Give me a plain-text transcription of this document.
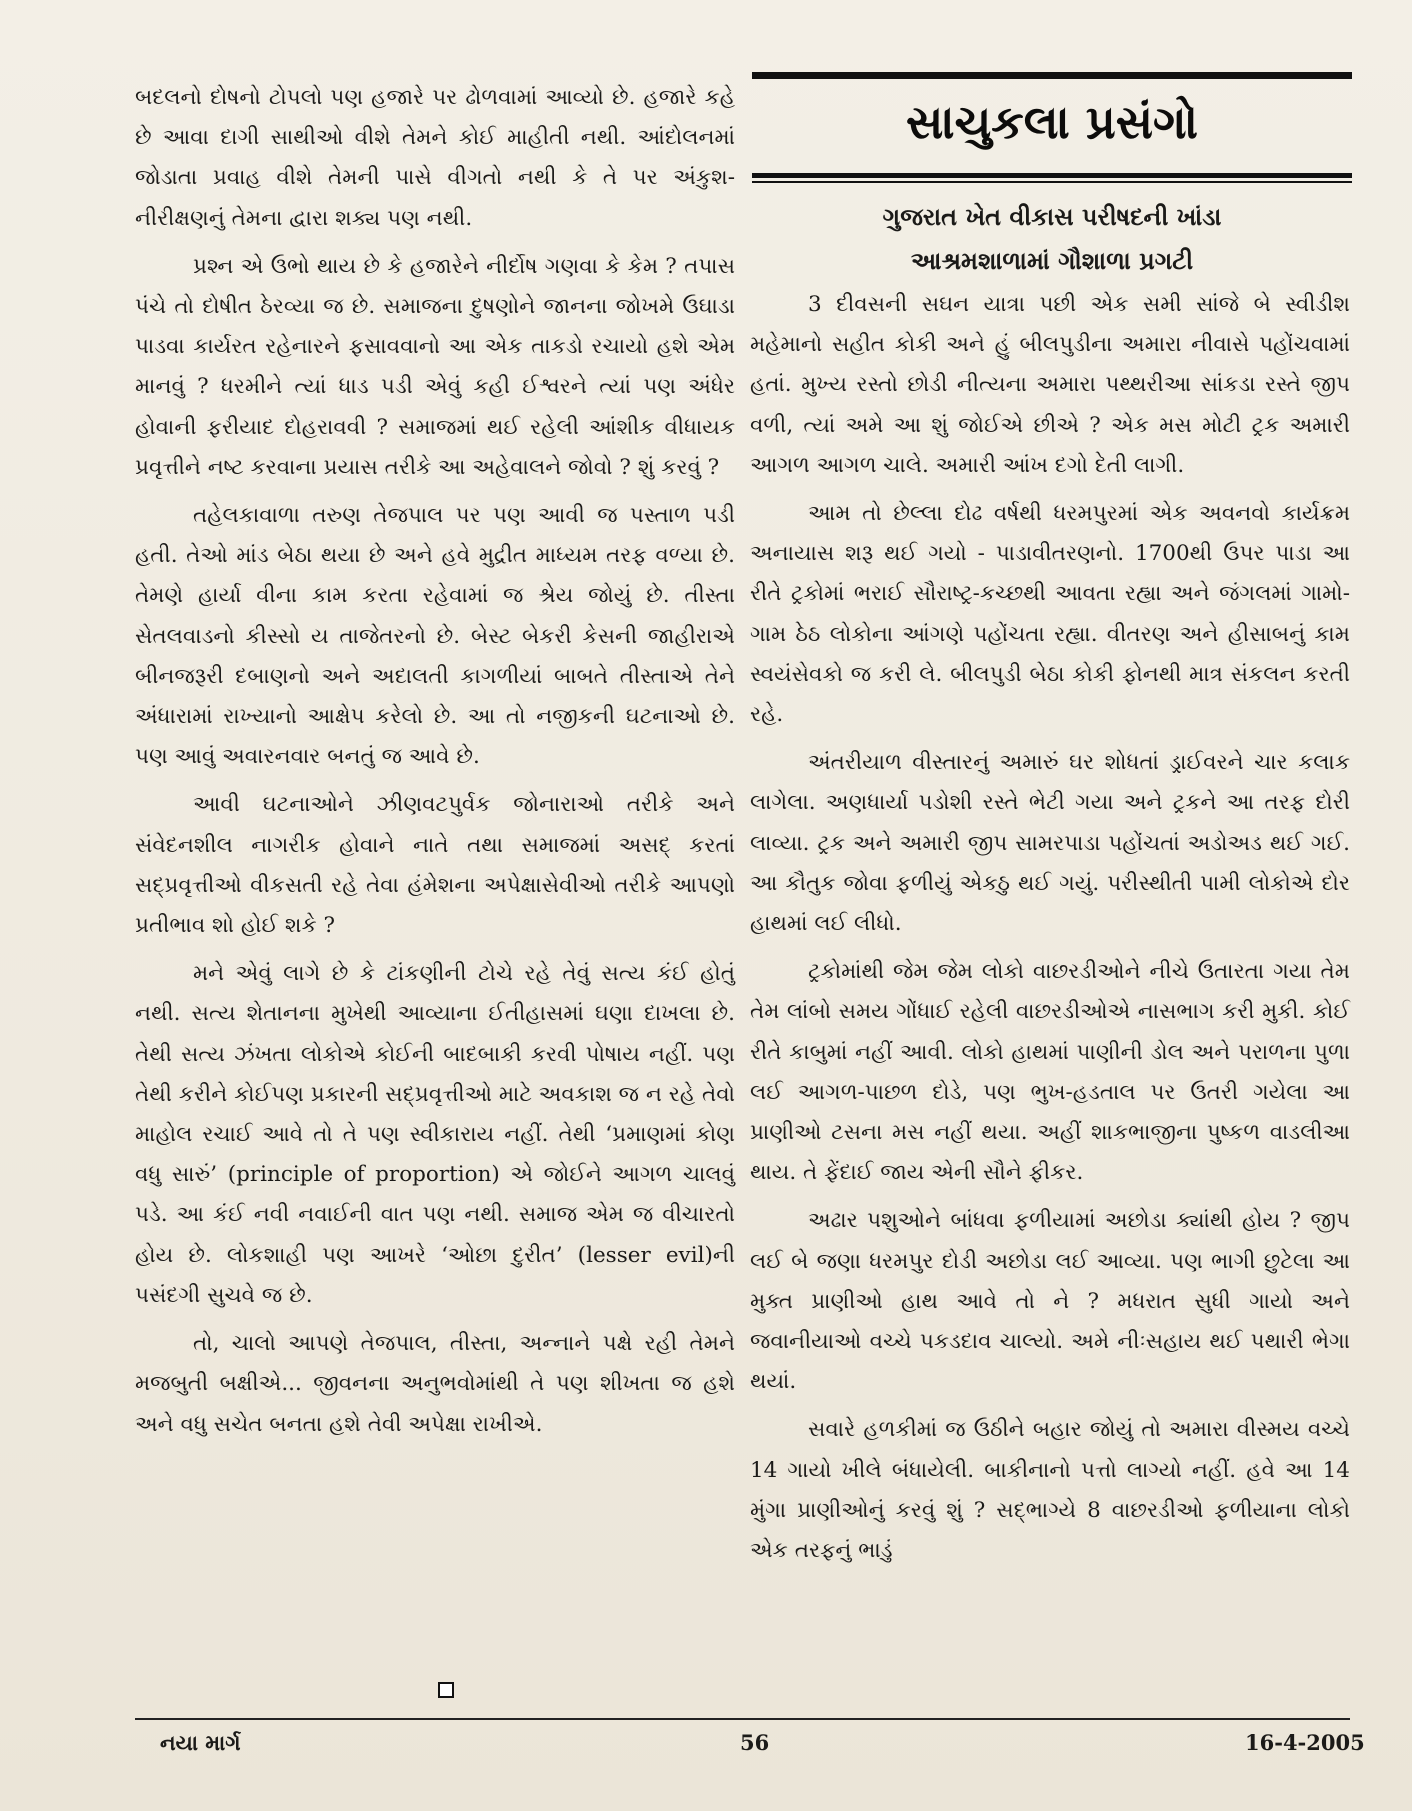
બદલનો દોષનો ટોપલો પણ હજારે પર ઢોળવામાં આવ્યો છે. હજારે કહે છે આવા દાગી સાથીઓ વીશે તેમને કોઈ માહીતી નથી. આંદોલનમાં જોડાતા પ્રવાહ વીશે તેમની પાસે વીગતો નથી કે તે પર અંકુશ-નીરીક્ષણનું તેમના દ્વારા શક્ય પણ નથી.

પ્રશ્ન એ ઉભો થાય છે કે હજારેને નીર્દોષ ગણવા કે કેમ ? તપાસ પંચે તો દોષીત ઠેરવ્યા જ છે. સમાજના દુષણોને જાનના જોખમે ઉઘાડા પાડવા કાર્યરત રહેનારને ફસાવવાનો આ એક તાકડો રચાયો હશે એમ માનવું ? ધરમીને ત્યાં ધાડ પડી એવું કહી ઈશ્વરને ત્યાં પણ અંધેર હોવાની ફરીયાદ દોહરાવવી ? સમાજમાં થઈ રહેલી આંશીક વીધાયક પ્રવૃત્તીને નષ્ટ કરવાના પ્રયાસ તરીકે આ અહેવાલને જોવો ? શું કરવું ?

તહેલકાવાળા તરુણ તેજપાલ પર પણ આવી જ પસ્તાળ પડી હતી. તેઓ માંડ બેઠા થયા છે અને હવે મુદ્રીત માધ્યમ તરફ વળ્યા છે. તેમણે હાર્યા વીના કામ કરતા રહેવામાં જ શ્રેય જોયું છે. તીસ્તા સેતલવાડનો કીસ્સો ય તાજેતરનો છે. બેસ્ટ બેકરી કેસની જાહીરાએ બીનજરૂરી દબાણનો અને અદાલતી કાગળીયાં બાબતે તીસ્તાએ તેને અંધારામાં રાખ્યાનો આક્ષેપ કરેલો છે. આ તો નજીકની ઘટનાઓ છે. પણ આવું અવારનવાર બનતું જ આવે છે.

આવી ઘટનાઓને ઝીણવટપુર્વક જોનારાઓ તરીકે અને સંવેદનશીલ નાગરીક હોવાને નાતે તથા સમાજમાં અસદ્ કરતાં સદ્પ્રવૃત્તીઓ વીકસતી રહે તેવા હંમેશના અપેક્ષાસેવીઓ તરીકે આપણો પ્રતીભાવ શો હોઈ શકે ?

મને એવું લાગે છે કે ટાંકણીની ટોચે રહે તેવું સત્ય કંઈ હોતું નથી. સત્ય શેતાનના મુખેથી આવ્યાના ઈતીહાસમાં ઘણા દાખલા છે. તેથી સત્ય ઝંખતા લોકોએ કોઈની બાદબાકી કરવી પોષાય નહીં. પણ તેથી કરીને કોઈપણ પ્રકારની સદ્પ્રવૃત્તીઓ માટે અવકાશ જ ન રહે તેવો માહોલ રચાઈ આવે તો તે પણ સ્વીકારાય નહીં. તેથી ‘પ્રમાણમાં કોણ વધુ સારું’ (principle of proportion) એ જોઈને આગળ ચાલવું પડે. આ કંઈ નવી નવાઈની વાત પણ નથી. સમાજ એમ જ વીચારતો હોય છે. લોકશાહી પણ આખરે ‘ઓછા દુરીત’ (lesser evil)ની પસંદગી સુચવે જ છે.

તો, ચાલો આપણે તેજપાલ, તીસ્તા, અન્નાને પક્ષે રહી તેમને મજબુતી બક્ષીએ... જીવનના અનુભવોમાંથી તે પણ શીખતા જ હશે અને વધુ સચેત બનતા હશે તેવી અપેક્ષા રાખીએ.

સાચુકલા પ્રસંગો
ગુજરાત ખેત વીકાસ પરીષદની ખાંડા
આશ્રમશાળામાં ગૌશાળા પ્રગટી

3 દીવસની સઘન યાત્રા પછી એક સમી સાંજે બે સ્વીડીશ મહેમાનો સહીત કોકી અને હું બીલપુડીના અમારા નીવાસે પહોંચવામાં હતાં. મુખ્ય રસ્તો છોડી નીત્યના અમારા પથ્થરીઆ સાંકડા રસ્તે જીપ વળી, ત્યાં અમે આ શું જોઈએ છીએ ? એક મસ મોટી ટ્રક અમારી આગળ આગળ ચાલે. અમારી આંખ દગો દેતી લાગી.

આમ તો છેલ્લા દોઢ વર્ષથી ધરમપુરમાં એક અવનવો કાર્યક્રમ અનાયાસ શરૂ થઈ ગયો - પાડાવીતરણનો. 1700થી ઉપર પાડા આ રીતે ટ્રકોમાં ભરાઈ સૌરાષ્ટ્ર-કચ્છથી આવતા રહ્યા અને જંગલમાં ગામો-ગામ ઠેઠ લોકોના આંગણે પહોંચતા રહ્યા. વીતરણ અને હીસાબનું કામ સ્વયંસેવકો જ કરી લે. બીલપુડી બેઠા કોકી ફોનથી માત્ર સંકલન કરતી રહે.

અંતરીયાળ વીસ્તારનું અમારું ઘર શોધતાં ડ્રાઈવરને ચાર કલાક લાગેલા. અણધાર્યા પડોશી રસ્તે ભેટી ગયા અને ટ્રકને આ તરફ દોરી લાવ્યા. ટ્રક અને અમારી જીપ સામરપાડા પહોંચતાં અડોઅડ થઈ ગઈ. આ કૌતુક જોવા ફળીયું એકઠુ થઈ ગયું. પરીસ્થીતી પામી લોકોએ દોર હાથમાં લઈ લીધો.

ટ્રકોમાંથી જેમ જેમ લોકો વાછરડીઓને નીચે ઉતારતા ગયા તેમ તેમ લાંબો સમય ગોંધાઈ રહેલી વાછરડીઓએ નાસભાગ કરી મુકી. કોઈ રીતે કાબુમાં નહીં આવી. લોકો હાથમાં પાણીની ડોલ અને પરાળના પુળા લઈ આગળ-પાછળ દોડે, પણ ભુખ-હડતાલ પર ઉતરી ગયેલા આ પ્રાણીઓ ટસના મસ નહીં થયા. અહીં શાકભાજીના પુષ્કળ વાડલીઆ થાય. તે ફેંદાઈ જાય એની સૌને ફીકર.

અઢાર પશુઓને બાંધવા ફળીયામાં અછોડા ક્યાંથી હોય ? જીપ લઈ બે જણા ધરમપુર દોડી અછોડા લઈ આવ્યા. પણ ભાગી છુટેલા આ મુક્ત પ્રાણીઓ હાથ આવે તો ને ? મધરાત સુધી ગાયો અને જવાનીયાઓ વચ્ચે પકડદાવ ચાલ્યો. અમે નીઃસહાય થઈ પથારી ભેગા થયાં.

સવારે હળકીમાં જ ઉઠીને બહાર જોયું તો અમારા વીસ્મય વચ્ચે 14 ગાયો ખીલે બંધાયેલી. બાકીનાનો પત્તો લાગ્યો નહીં. હવે આ 14 મુંગા પ્રાણીઓનું કરવું શું ? સદ્ભાગ્યે 8 વાછરડીઓ ફળીયાના લોકો એક તરફનું ભાડું

નયા માર્ગ	56	16-4-2005
